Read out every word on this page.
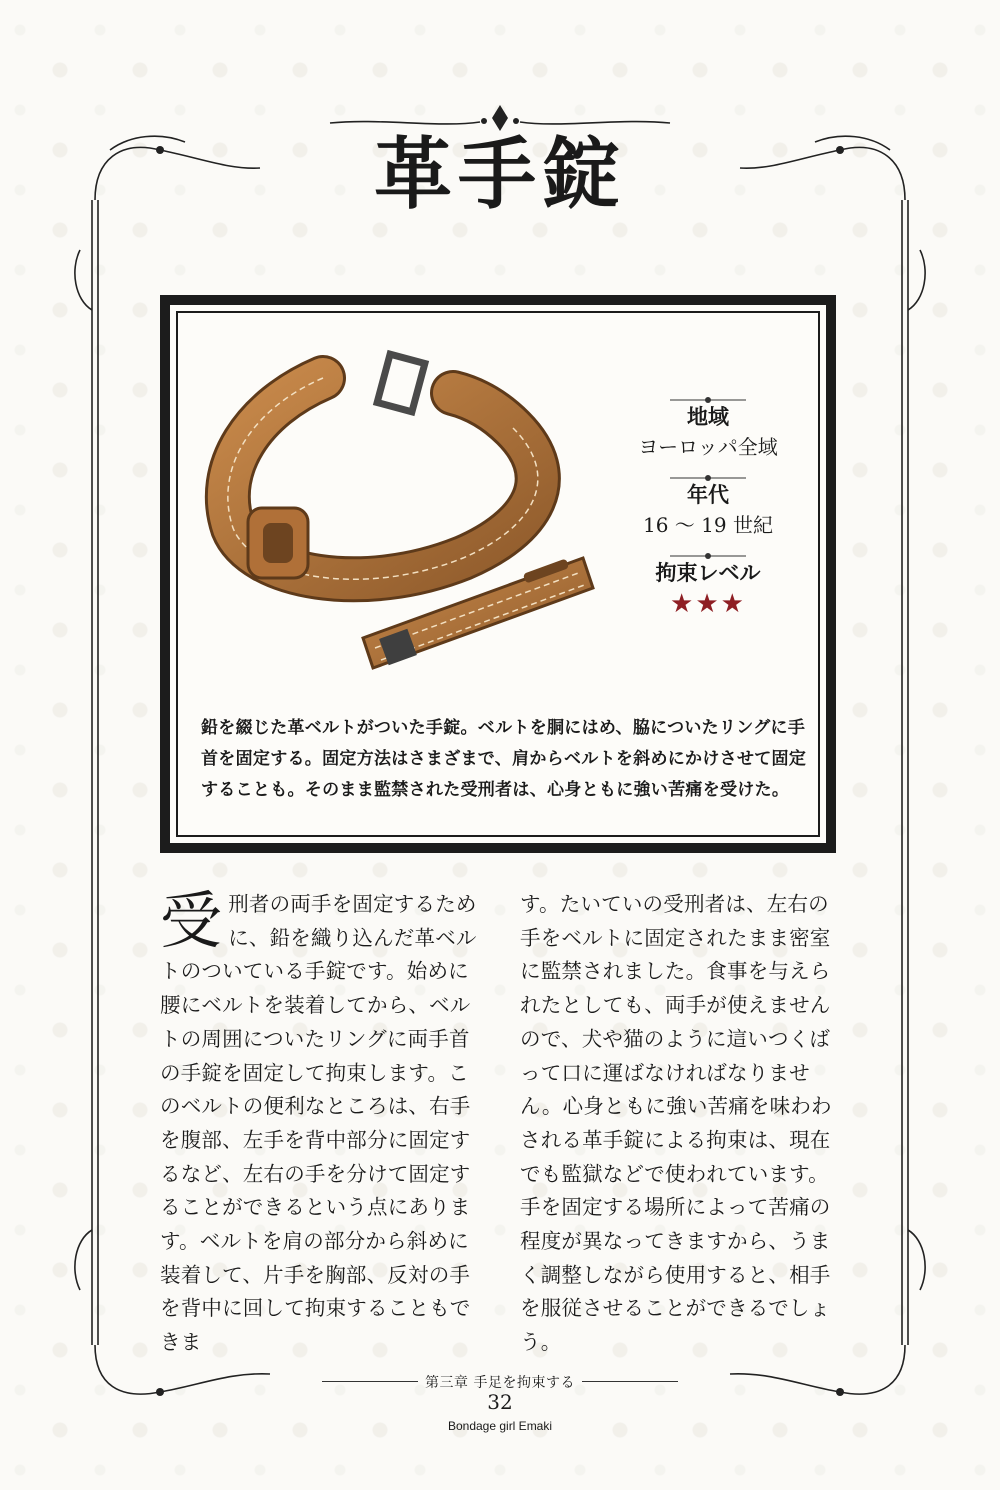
革手錠
地域
ヨーロッパ全域
年代
16 〜 19 世紀
拘束レベル
★★★
鉛を綴じた革ベルトがついた手錠。ベルトを胴にはめ、脇についたリングに手首を固定する。固定方法はさまざまで、肩からベルトを斜めにかけさせて固定することも。そのまま監禁された受刑者は、心身ともに強い苦痛を受けた。
受 刑者の両手を固定するために、鉛を織り込んだ革ベルトのついている手錠です。始めに腰にベルトを装着してから、ベルトの周囲についたリングに両手首の手錠を固定して拘束します。このベルトの便利なところは、右手を腹部、左手を背中部分に固定するなど、左右の手を分けて固定することができるという点にあります。ベルトを肩の部分から斜めに装着して、片手を胸部、反対の手を背中に回して拘束することもできま
す。たいていの受刑者は、左右の手をベルトに固定されたまま密室に監禁されました。食事を与えられたとしても、両手が使えませんので、犬や猫のように這いつくばって口に運ばなければなりません。心身ともに強い苦痛を味わわされる革手錠による拘束は、現在でも監獄などで使われています。手を固定する場所によって苦痛の程度が異なってきますから、うまく調整しながら使用すると、相手を服従させることができるでしょう。
第三章 手足を拘束する
32
Bondage girl Emaki
